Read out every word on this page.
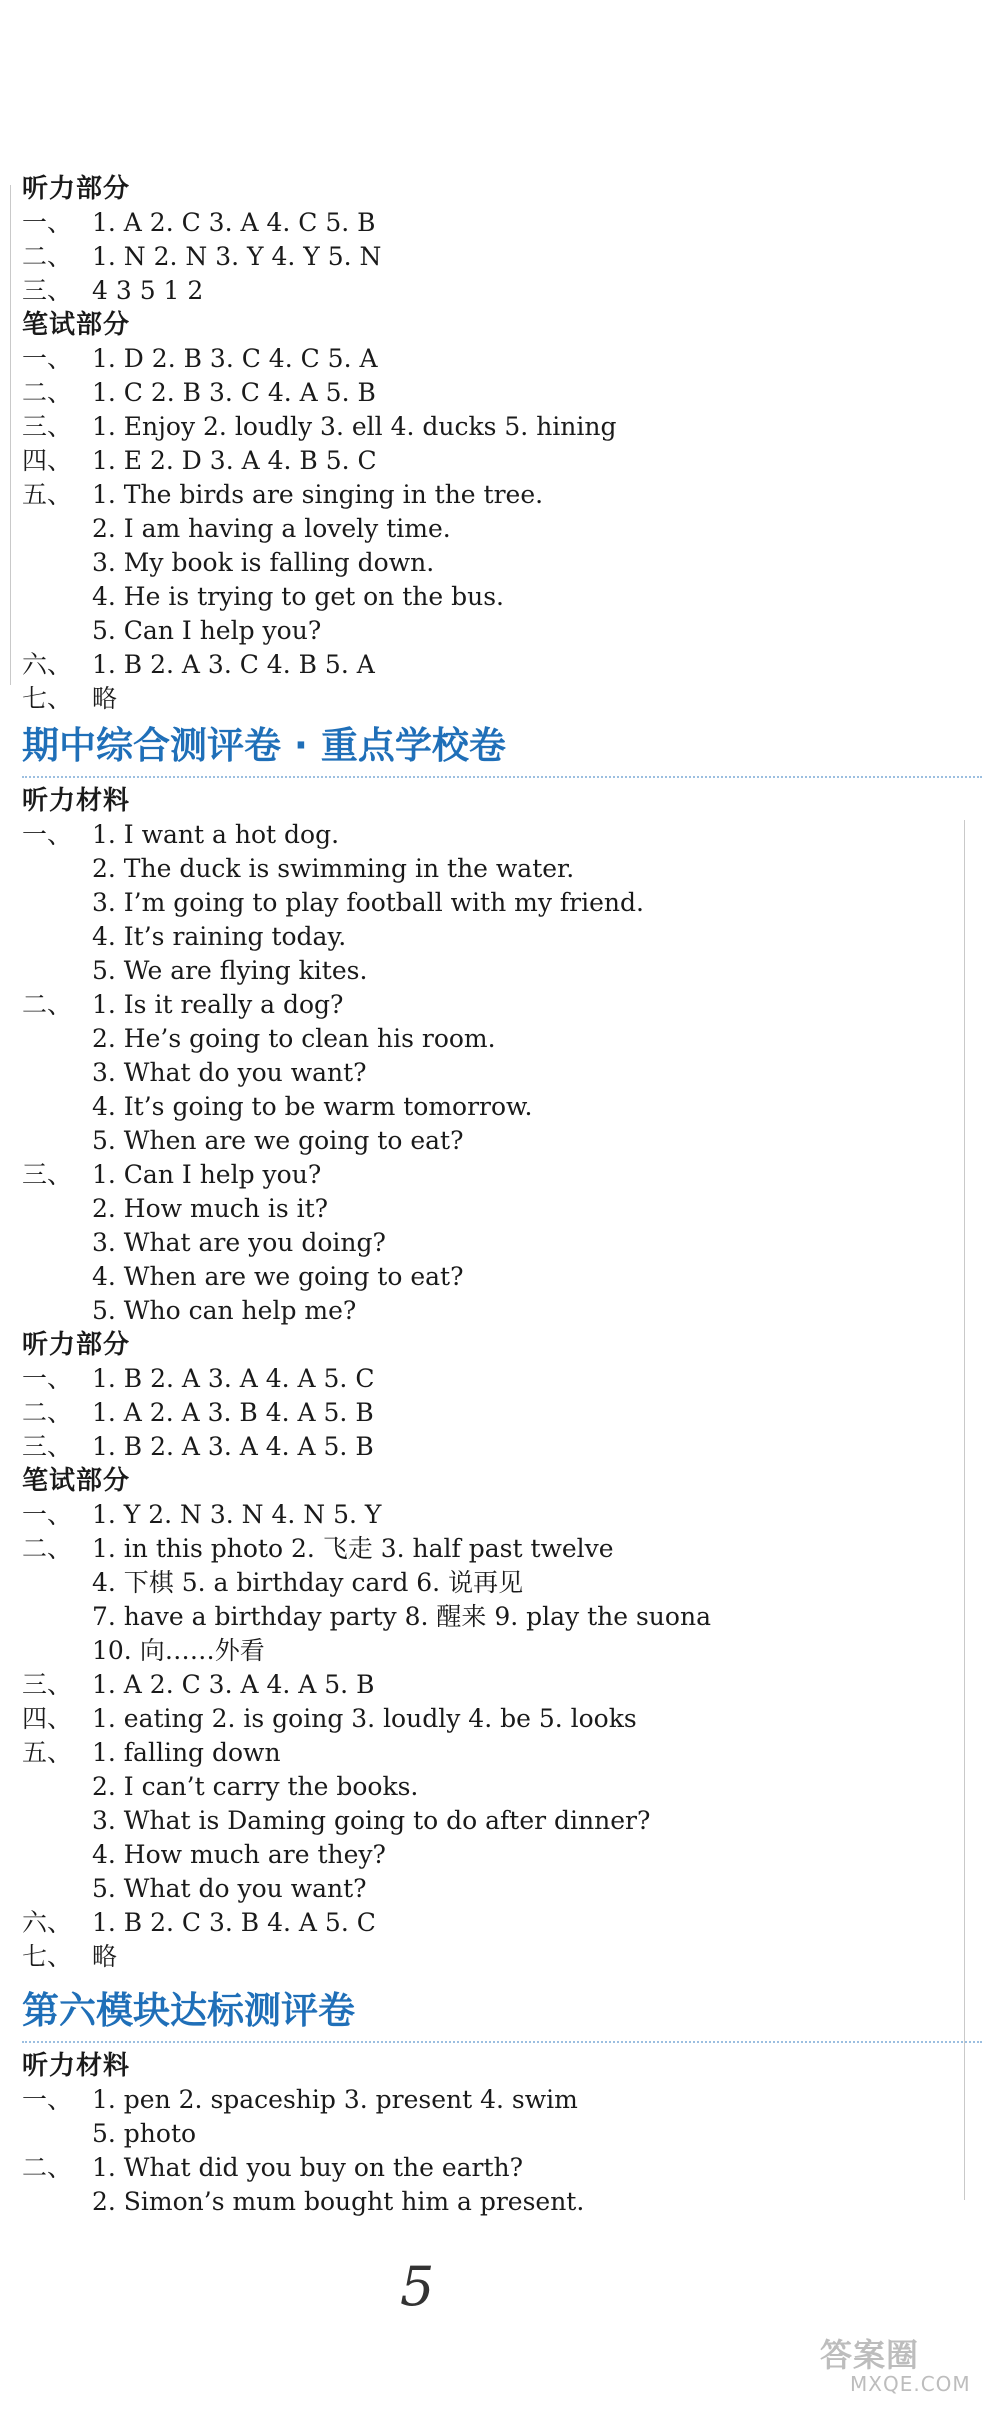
听力部分
一、 1. A 2. C 3. A 4. C 5. B
二、 1. N 2. N 3. Y 4. Y 5. N
三、 4 3 5 1 2
笔试部分
一、 1. D 2. B 3. C 4. C 5. A
二、 1. C 2. B 3. C 4. A 5. B
三、 1. Enjoy 2. loudly 3. ell 4. ducks 5. hining
四、 1. E 2. D 3. A 4. B 5. C
五、 1. The birds are singing in the tree.
2. I am having a lovely time.
3. My book is falling down.
4. He is trying to get on the bus.
5. Can I help you?
六、 1. B 2. A 3. C 4. B 5. A
七、 略
期中综合测评卷 · 重点学校卷
听力材料
一、 1. I want a hot dog.
2. The duck is swimming in the water.
3. I’m going to play football with my friend.
4. It’s raining today.
5. We are flying kites.
二、 1. Is it really a dog?
2. He’s going to clean his room.
3. What do you want?
4. It’s going to be warm tomorrow.
5. When are we going to eat?
三、 1. Can I help you?
2. How much is it?
3. What are you doing?
4. When are we going to eat?
5. Who can help me?
听力部分
一、 1. B 2. A 3. A 4. A 5. C
二、 1. A 2. A 3. B 4. A 5. B
三、 1. B 2. A 3. A 4. A 5. B
笔试部分
一、 1. Y 2. N 3. N 4. N 5. Y
二、 1. in this photo 2. 飞走 3. half past twelve
4. 下棋 5. a birthday card 6. 说再见
7. have a birthday party 8. 醒来 9. play the suona
10. 向……外看
三、 1. A 2. C 3. A 4. A 5. B
四、 1. eating 2. is going 3. loudly 4. be 5. looks
五、 1. falling down
2. I can’t carry the books.
3. What is Daming going to do after dinner?
4. How much are they?
5. What do you want?
六、 1. B 2. C 3. B 4. A 5. C
七、 略
第六模块达标测评卷
听力材料
一、 1. pen 2. spaceship 3. present 4. swim
5. photo
二、 1. What did you buy on the earth?
2. Simon’s mum bought him a present.
5
答案圈
MXQE.COM
